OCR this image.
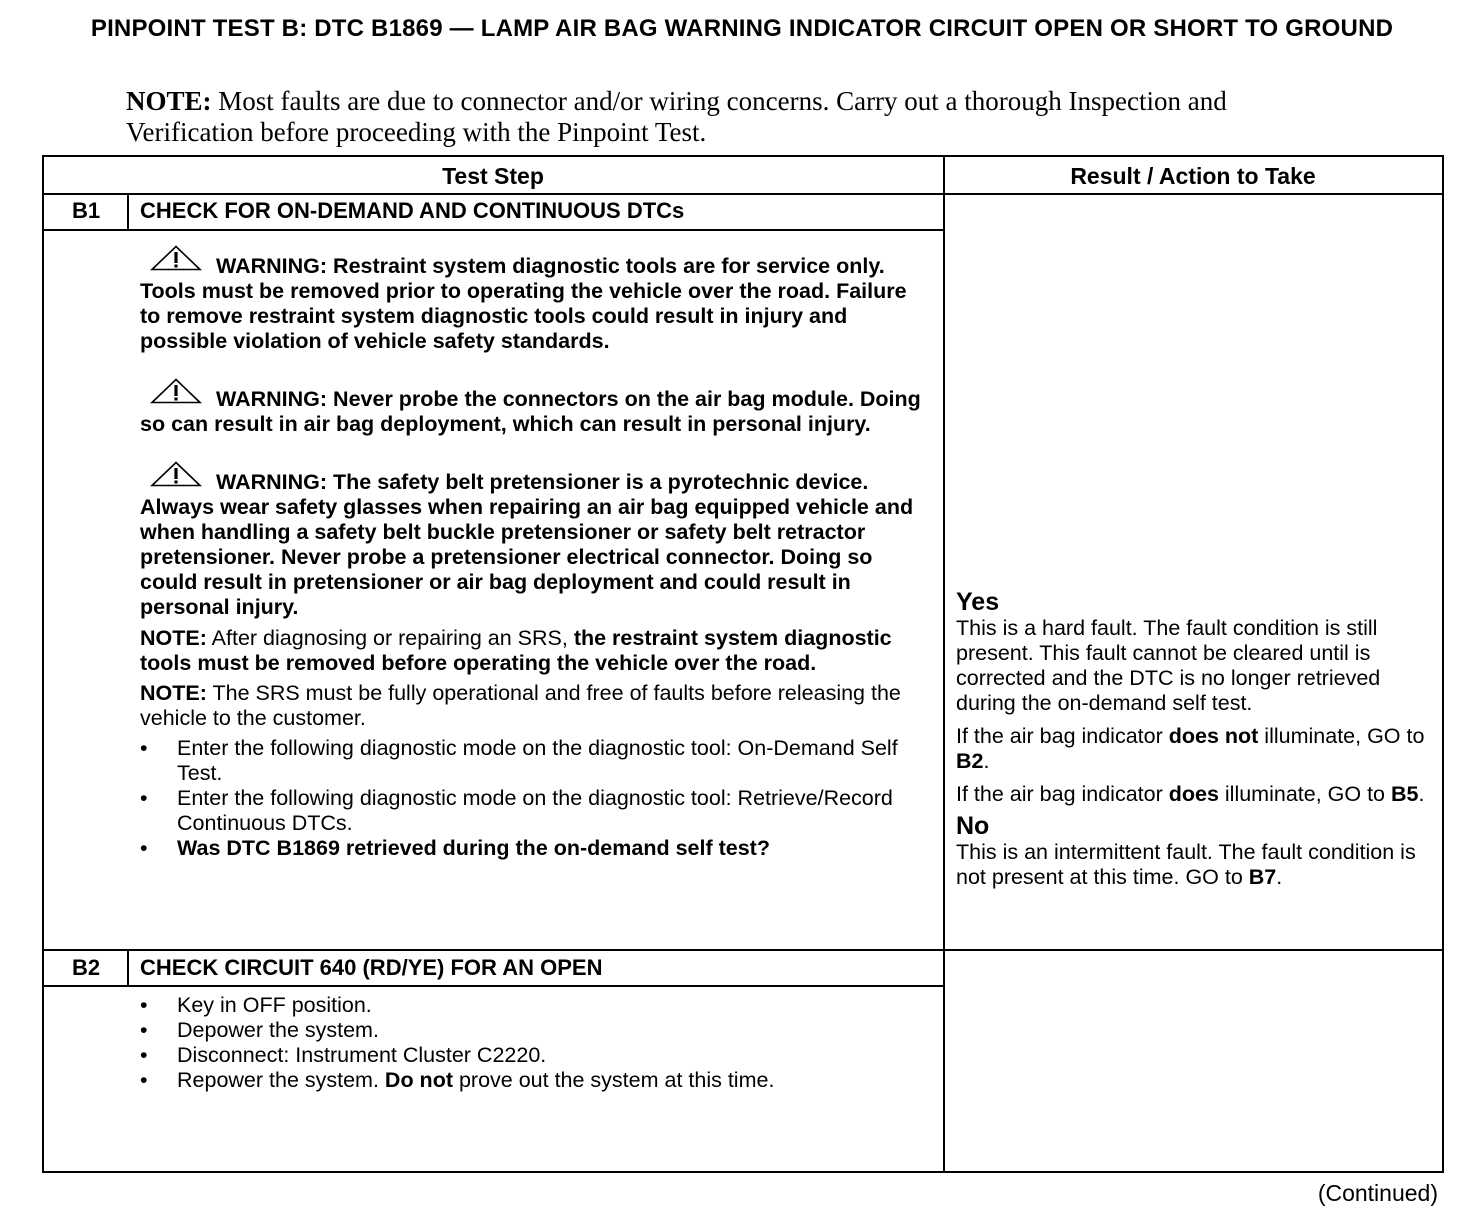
PINPOINT TEST B: DTC B1869 — LAMP AIR BAG WARNING INDICATOR CIRCUIT OPEN OR SHORT TO GROUND
NOTE: Most faults are due to connector and/or wiring concerns. Carry out a thorough Inspection and Verification before proceeding with the Pinpoint Test.
Test Step	Result / Action to Take
B1	CHECK FOR ON-DEMAND AND CONTINUOUS DTCs
WARNING: Restraint system diagnostic tools are for service only. Tools must be removed prior to operating the vehicle over the road. Failure to remove restraint system diagnostic tools could result in injury and possible violation of vehicle safety standards.
WARNING: Never probe the connectors on the air bag module. Doing so can result in air bag deployment, which can result in personal injury.
WARNING: The safety belt pretensioner is a pyrotechnic device. Always wear safety glasses when repairing an air bag equipped vehicle and when handling a safety belt buckle pretensioner or safety belt retractor pretensioner. Never probe a pretensioner electrical connector. Doing so could result in pretensioner or air bag deployment and could result in personal injury.
NOTE: After diagnosing or repairing an SRS, the restraint system diagnostic tools must be removed before operating the vehicle over the road.
NOTE: The SRS must be fully operational and free of faults before releasing the vehicle to the customer.
• Enter the following diagnostic mode on the diagnostic tool: On-Demand Self Test.
• Enter the following diagnostic mode on the diagnostic tool: Retrieve/Record Continuous DTCs.
• Was DTC B1869 retrieved during the on-demand self test?
Yes
This is a hard fault. The fault condition is still present. This fault cannot be cleared until is corrected and the DTC is no longer retrieved during the on-demand self test.
If the air bag indicator does not illuminate, GO to B2.
If the air bag indicator does illuminate, GO to B5.
No
This is an intermittent fault. The fault condition is not present at this time. GO to B7.
B2	CHECK CIRCUIT 640 (RD/YE) FOR AN OPEN
• Key in OFF position.
• Depower the system.
• Disconnect: Instrument Cluster C2220.
• Repower the system. Do not prove out the system at this time.
(Continued)
